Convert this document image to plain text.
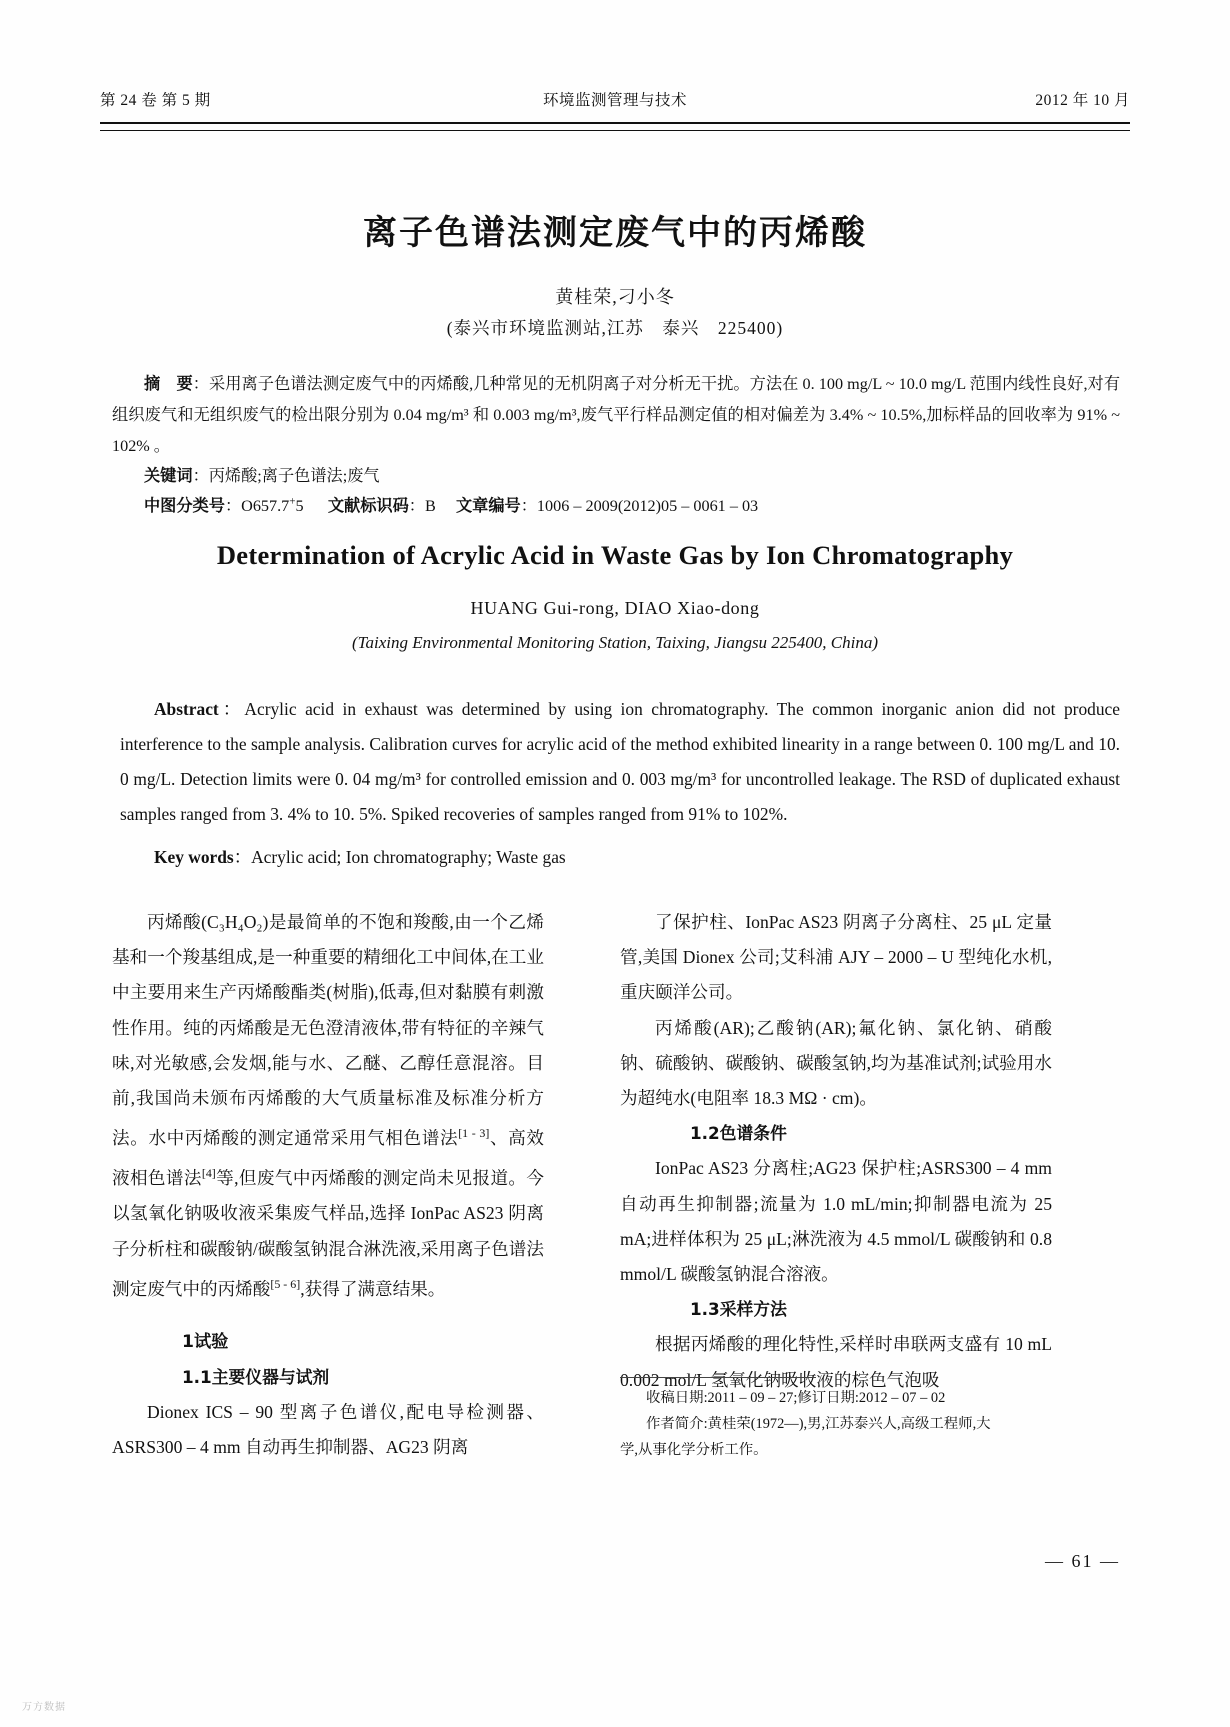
第 24 卷 第 5 期	环境监测管理与技术	2012 年 10 月
离子色谱法测定废气中的丙烯酸
黄桂荣,刁小冬
(泰兴市环境监测站,江苏　泰兴　225400)

摘　要：采用离子色谱法测定废气中的丙烯酸,几种常见的无机阴离子对分析无干扰。方法在 0. 100 mg/L ~ 10.0 mg/L 范围内线性良好,对有组织废气和无组织废气的检出限分别为 0.04 mg/m³ 和 0.003 mg/m³,废气平行样品测定值的相对偏差为 3.4% ~ 10.5%,加标样品的回收率为 91% ~ 102% 。

关键词：丙烯酸;离子色谱法;废气
中图分类号：O657.7+5 文献标识码：B 文章编号：1006 – 2009(2012)05 – 0061 – 03
Determination of Acrylic Acid in Waste Gas by Ion Chromatography
HUANG Gui-rong, DIAO Xiao-dong
(Taixing Environmental Monitoring Station, Taixing, Jiangsu 225400, China)

Abstract：Acrylic acid in exhaust was determined by using ion chromatography. The common inorganic anion did not produce interference to the sample analysis. Calibration curves for acrylic acid of the method exhibited linearity in a range between 0. 100 mg/L and 10. 0 mg/L. Detection limits were 0. 04 mg/m³ for controlled emission and 0. 003 mg/m³ for uncontrolled leakage. The RSD of duplicated exhaust samples ranged from 3. 4% to 10. 5%. Spiked recoveries of samples ranged from 91% to 102%.

Key words：Acrylic acid; Ion chromatography; Waste gas

丙烯酸(C₃H₄O₂)是最简单的不饱和羧酸,由一个乙烯基和一个羧基组成,是一种重要的精细化工中间体,在工业中主要用来生产丙烯酸酯类(树脂),低毒,但对黏膜有刺激性作用。纯的丙烯酸是无色澄清液体,带有特征的辛辣气味,对光敏感,会发烟,能与水、乙醚、乙醇任意混溶。目前,我国尚未颁布丙烯酸的大气质量标准及标准分析方法。水中丙烯酸的测定通常采用气相色谱法[1 - 3]、高效液相色谱法[4]等,但废气中丙烯酸的测定尚未见报道。今以氢氧化钠吸收液采集废气样品,选择 IonPac AS23 阴离子分析柱和碳酸钠/碳酸氢钠混合淋洗液,采用离子色谱法测定废气中的丙烯酸[5 - 6],获得了满意结果。

1试验

1.1主要仪器与试剂

Dionex ICS – 90 型离子色谱仪,配电导检测器、ASRS300 – 4 mm 自动再生抑制器、AG23 阴离

了保护柱、IonPac AS23 阴离子分离柱、25 μL 定量管,美国 Dionex 公司;艾科浦 AJY – 2000 – U 型纯化水机,重庆颐洋公司。

丙烯酸(AR);乙酸钠(AR);氟化钠、氯化钠、硝酸钠、硫酸钠、碳酸钠、碳酸氢钠,均为基准试剂;试验用水为超纯水(电阻率 18.3 MΩ · cm)。

1.2色谱条件

IonPac AS23 分离柱;AG23 保护柱;ASRS300 – 4 mm 自动再生抑制器;流量为 1.0 mL/min;抑制器电流为 25 mA;进样体积为 25 μL;淋洗液为 4.5 mmol/L 碳酸钠和 0.8 mmol/L 碳酸氢钠混合溶液。

1.3采样方法

根据丙烯酸的理化特性,采样时串联两支盛有 10 mL 0.002 mol/L 氢氧化钠吸收液的棕色气泡吸

收稿日期:2011 – 09 – 27;修订日期:2012 – 07 – 02

作者简介:黄桂荣(1972—),男,江苏泰兴人,高级工程师,大

学,从事化学分析工作。

— 61 —
万方数据
